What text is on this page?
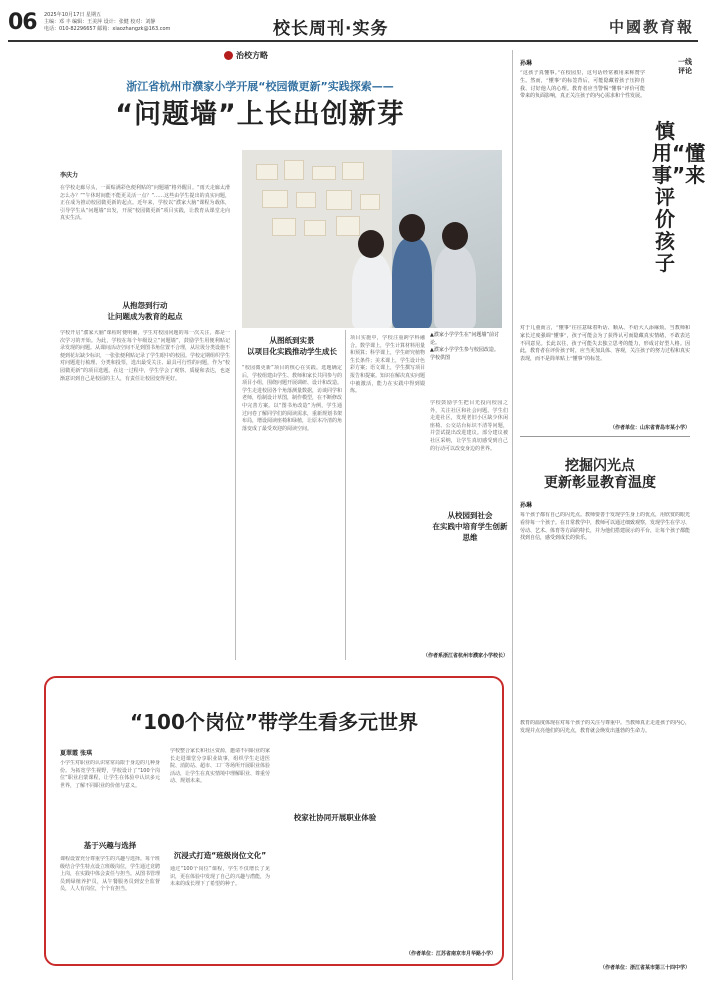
06 2025年10月17日 星期五
主编：邓 丰 编辑：王美萍 设计：张健 校对：刘静
电话：010-82296657 邮箱：xiaozhangzk@163.com	校长周刊·实务	中國教育報
治校方略
浙江省杭州市濮家小学开展“校园微更新”实践探索——
“问题墙”上长出创新芽
李庆力
在学校走廊尽头，一面贴满彩色便利贴的“问题墙”格外醒目。“雨天走廊太滑怎么办？”“午休时间能不能更灵活一点？”……这些由学生提出的真实问题，正在成为推动校园微更新的起点。近年来，学校以“濮家大脑”课程为载体，引导学生从“问题墙”出发，开展“校园微更新”项目实践，让教育从课堂走向真实生活。
从抱怨到行动
让问题成为教育的起点
学校开启“濮家大脑”课程时便明确，学生对校园问题的每一次关注，都是一次学习的开始。为此，学校在每个年级设立“问题墙”，鼓励学生用便利贴记录发现的问题。从课间活动空间不足到图书角位置不合理，从垃圾分类设施不便到花坛缺少标识，一张张便利贴记录了学生眼中的校园。学校定期组织学生对问题进行梳理、分类和投票，选出最受关注、最具可行性的问题，作为“校园微更新”的项目选题。在这一过程中，学生学会了观察、质疑和表达，也逐渐意识到自己是校园的主人，有责任让校园变得更好。
▲濮家小学学生在“问题墙”前讨论。
▲濮家小学学生参与校园改造。 学校供图
从图纸到实景
以项目化实践推动学生成长
“校园微更新”项目的核心在实践。选题确定后，学校组建由学生、教师和家长共同参与的项目小组，围绕问题开展调研、设计和改造。学生走进校园各个角落测量数据，访谈同学和老师，绘制设计草图，制作模型，在不断修改中完善方案。以“图书角改造”为例，学生通过问卷了解同学们的阅读需求，重新规划书架布局，增设阅读座椅和绿植，让原本冷清的角落变成了最受欢迎的阅读空间。
项目实施中，学校注重跨学科融合。数学课上，学生计算材料用量和预算；科学课上，学生研究植物生长条件；美术课上，学生设计色彩方案；语文课上，学生撰写项目报告和提案。知识在解决真实问题中被激活，能力在实践中得到锻炼。
从校园到社会
在实践中培育学生创新思维
学校鼓励学生把目光投向校园之外，关注社区和社会问题。学生们走进社区，发现老旧小区缺少休闲座椅、公交站台标识不清等问题，并尝试提出改进建议。部分建议被社区采纳，让学生真切感受到自己的行动可以改变身边的世界。
（作者系浙江省杭州市濮家小学校长）
“100个岗位”带学生看多元世界
夏翠霞 张琪
小学生对职业的认识常常局限于身边的几种身份。为拓宽学生视野，学校设计了“100个岗位”职业启蒙课程，让学生在体验中认识多元世界，了解不同职业的价值与意义。
基于兴趣与选择
课程设置充分尊重学生的兴趣与选择。每个班级结合学生特点设立班级岗位，学生通过竞聘上岗，在实践中体会责任与担当。从图书管理员到绿植养护员，从午餐服务员到安全监督员，人人有岗位，个个有担当。
学校整合家长和社区资源，邀请不同职业的家长走进课堂分享职业故事，组织学生走进医院、消防站、超市、工厂等场所开展职业体验活动，让学生在真实情境中理解职业、尊重劳动、规划未来。
沉浸式打造“班级岗位文化”
通过“100个岗位”课程，学生不仅增长了见识，更在体验中发现了自己的兴趣与潜能，为未来的成长埋下了希望的种子。
校家社协同开展职业体验
（作者单位：江苏省南京市月华路小学）
一线评论
慎用“懂事”来评价孩子
孙琳
“这孩子真懂事。”在校园里，这句话经常被用来称赞学生。然而，“懂事”的标签背后，可能隐藏着孩子压抑自我、讨好他人的心理。教育者应当警惕“懂事”评价可能带来的负面影响，真正关注孩子的内心需求和个性发展。
对于儿童而言，“懂事”往往意味着听话、顺从、不给大人添麻烦。当教师和家长过度强调“懂事”，孩子可能会为了获得认可而隐藏真实情绪，不敢表达不同意见。长此以往，孩子可能失去独立思考的能力，形成讨好型人格。因此，教育者在评价孩子时，应当更加具体、客观，关注孩子的努力过程和真实表现，而不是简单贴上“懂事”的标签。
（作者单位：山东省青岛市某小学）
挖掘闪光点
更新彰显教育温度
孙琳
每个孩子都有自己的闪光点。教师要善于发现学生身上的优点，用欣赏的眼光看待每一个孩子。在日常教学中，教师可以通过细致观察，发现学生在学习、劳动、艺术、体育等方面的特长，并为他们搭建展示的平台，让每个孩子都能找到自信，感受到成长的快乐。
教育的温度体现在对每个孩子的关注与尊重中。当教师真正走进孩子的内心，发现并点亮他们的闪光点，教育就会焕发出蓬勃的生命力。
（作者单位：浙江省某市第三十四中学）
